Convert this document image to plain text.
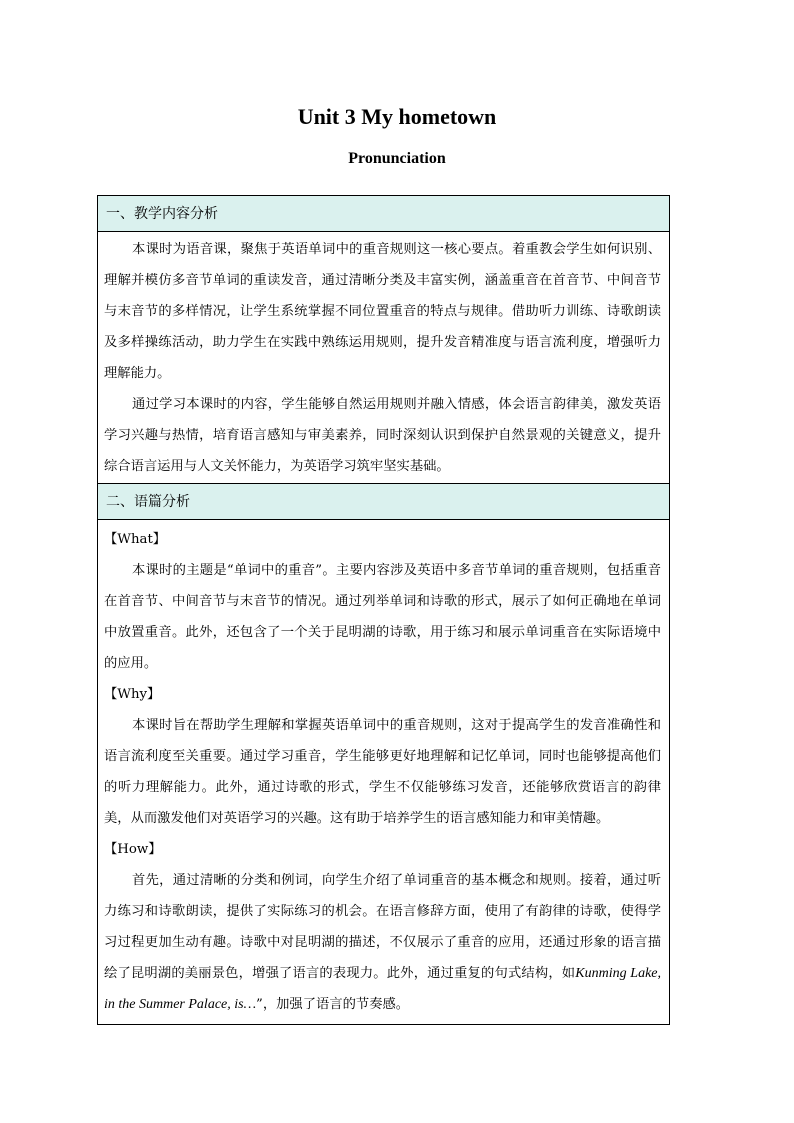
Unit 3 My hometown
Pronunciation
一、教学内容分析

本课时为语音课，聚焦于英语单词中的重音规则这一核心要点。着重教会学生如何识别、理解并模仿多音节单词的重读发音，通过清晰分类及丰富实例，涵盖重音在首音节、中间音节与末音节的多样情况，让学生系统掌握不同位置重音的特点与规律。借助听力训练、诗歌朗读及多样操练活动，助力学生在实践中熟练运用规则，提升发音精准度与语言流利度，增强听力理解能力。

通过学习本课时的内容，学生能够自然运用规则并融入情感，体会语言韵律美，激发英语学习兴趣与热情，培育语言感知与审美素养，同时深刻认识到保护自然景观的关键意义，提升综合语言运用与人文关怀能力，为英语学习筑牢坚实基础。

二、语篇分析

【What】

本课时的主题是“单词中的重音”。主要内容涉及英语中多音节单词的重音规则，包括重音在首音节、中间音节与末音节的情况。通过列举单词和诗歌的形式，展示了如何正确地在单词中放置重音。此外，还包含了一个关于昆明湖的诗歌，用于练习和展示单词重音在实际语境中的应用。

【Why】

本课时旨在帮助学生理解和掌握英语单词中的重音规则，这对于提高学生的发音准确性和语言流利度至关重要。通过学习重音，学生能够更好地理解和记忆单词，同时也能够提高他们的听力理解能力。此外，通过诗歌的形式，学生不仅能够练习发音，还能够欣赏语言的韵律美，从而激发他们对英语学习的兴趣。这有助于培养学生的语言感知能力和审美情趣。

【How】

首先，通过清晰的分类和例词，向学生介绍了单词重音的基本概念和规则。接着，通过听力练习和诗歌朗读，提供了实际练习的机会。在语言修辞方面，使用了有韵律的诗歌，使得学习过程更加生动有趣。诗歌中对昆明湖的描述，不仅展示了重音的应用，还通过形象的语言描绘了昆明湖的美丽景色，增强了语言的表现力。此外，通过重复的句式结构，如Kunming Lake, in the Summer Palace, is…”，加强了语言的节奏感。
